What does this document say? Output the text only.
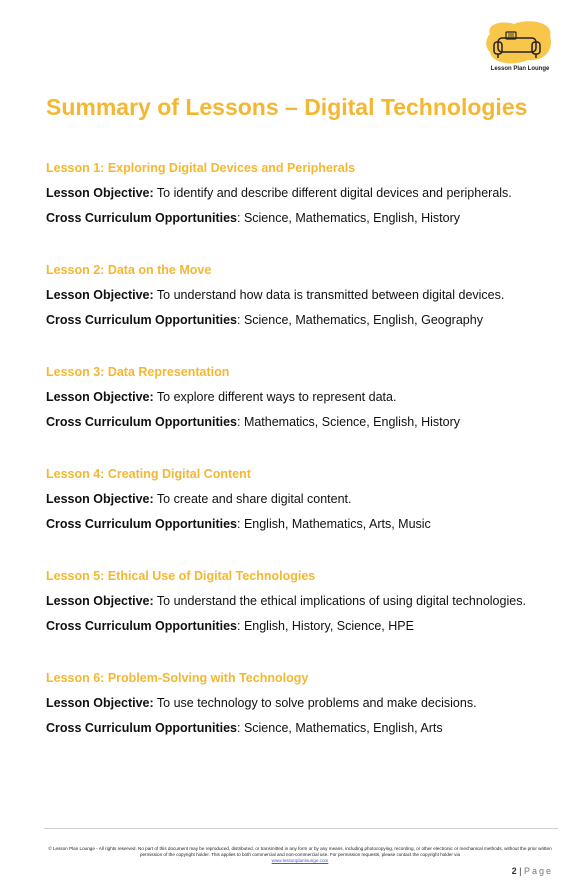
Lesson Plan Lounge
Summary of Lessons – Digital Technologies
Lesson 1: Exploring Digital Devices and Peripherals
Lesson Objective: To identify and describe different digital devices and peripherals.
Cross Curriculum Opportunities: Science, Mathematics, English, History
Lesson 2: Data on the Move
Lesson Objective: To understand how data is transmitted between digital devices.
Cross Curriculum Opportunities: Science, Mathematics, English, Geography
Lesson 3: Data Representation
Lesson Objective: To explore different ways to represent data.
Cross Curriculum Opportunities: Mathematics, Science, English, History
Lesson 4: Creating Digital Content
Lesson Objective: To create and share digital content.
Cross Curriculum Opportunities: English, Mathematics, Arts, Music
Lesson 5: Ethical Use of Digital Technologies
Lesson Objective: To understand the ethical implications of using digital technologies.
Cross Curriculum Opportunities: English, History, Science, HPE
Lesson 6: Problem-Solving with Technology
Lesson Objective: To use technology to solve problems and make decisions.
Cross Curriculum Opportunities: Science, Mathematics, English, Arts
© Lesson Plan Lounge - All rights reserved. No part of this document may be reproduced, distributed, or transmitted in any form or by any means, including photocopying, recording, or other electronic or mechanical methods, without the prior written permission of the copyright holder. This applies to both commercial and non-commercial use. For permission requests, please contact the copyright holder via
www.lessonplanlounge.com
2 | Page
